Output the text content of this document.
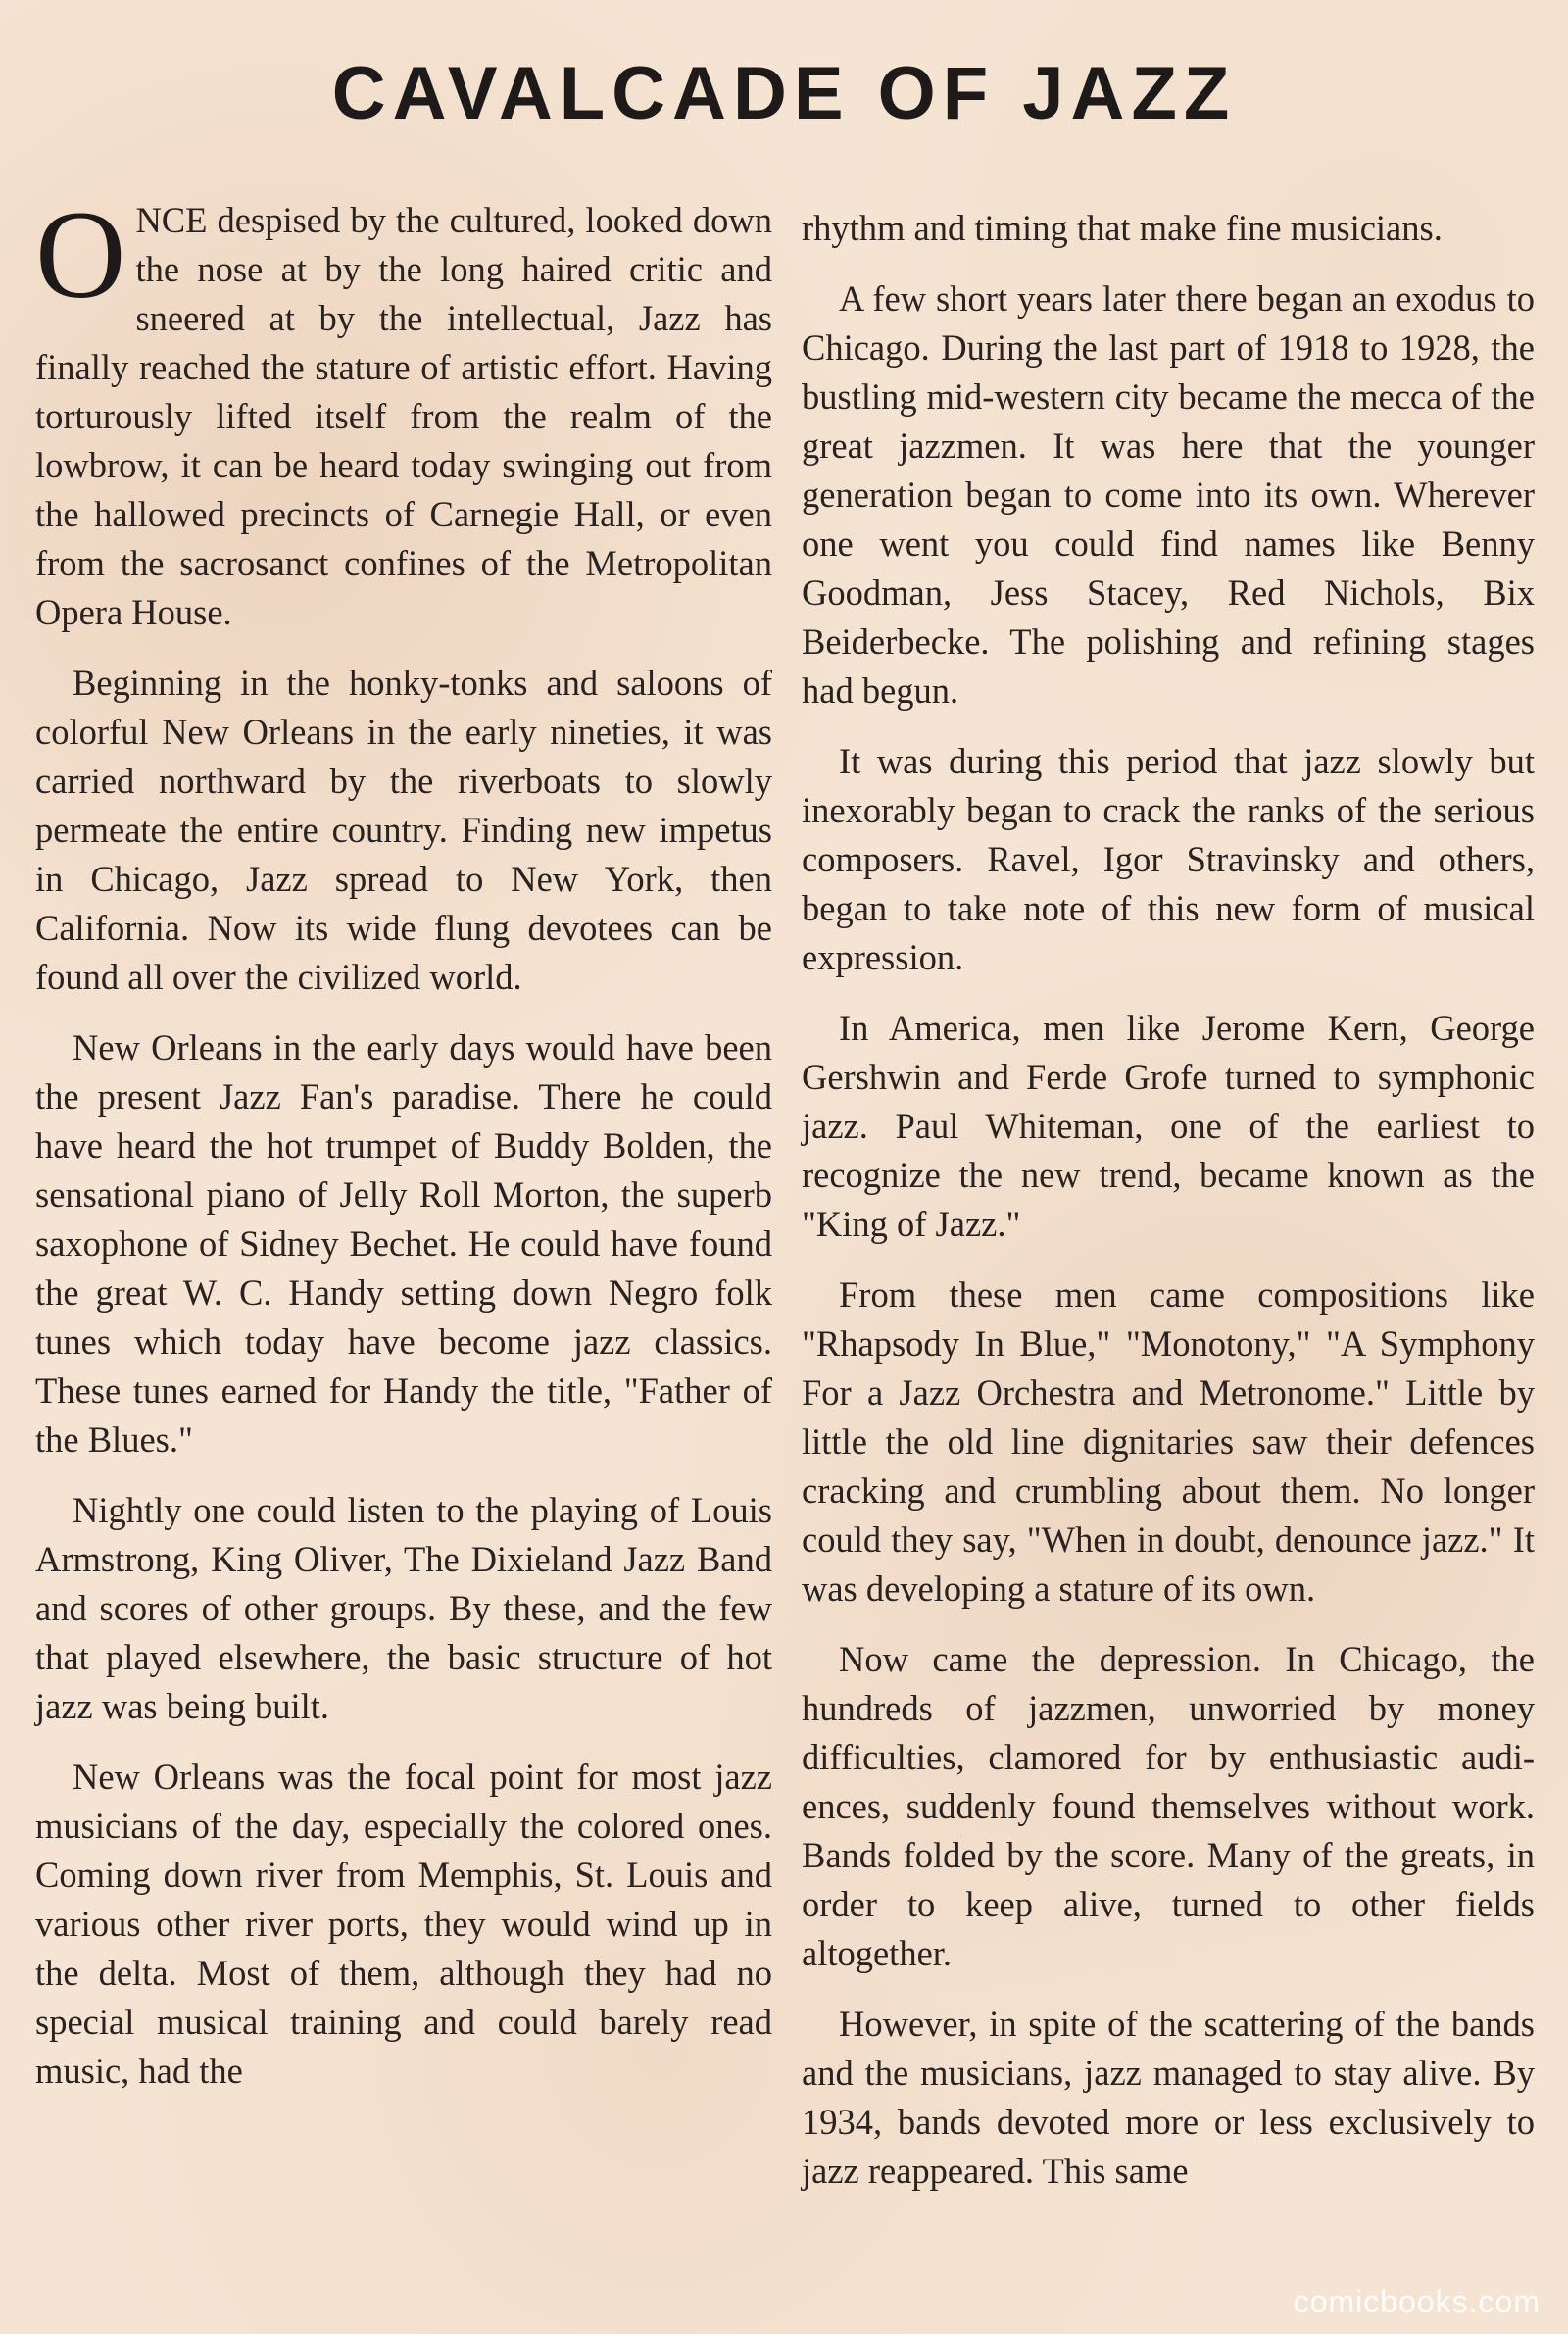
CAVALCADE OF JAZZ

ONCE despised by the cultured, looked down the nose at by the long haired critic and sneered at by the intellectual, Jazz has finally reached the stature of artistic effort. Having torturously lifted itself from the realm of the lowbrow, it can be heard today swinging out from the hallowed precincts of Carnegie Hall, or even from the sacrosanct confines of the Metropolitan Opera House.

Beginning in the honky-tonks and saloons of colorful New Orleans in the early nineties, it was carried northward by the riverboats to slowly permeate the entire country. Finding new impetus in Chicago, Jazz spread to New York, then California. Now its wide flung devotees can be found all over the civilized world.

New Orleans in the early days would have been the present Jazz Fan's paradise. There he could have heard the hot trumpet of Buddy Bolden, the sensational piano of Jelly Roll Morton, the superb saxophone of Sidney Bechet. He could have found the great W. C. Handy setting down Negro folk tunes which today have become jazz classics. These tunes earned for Handy the title, "Father of the Blues."

Nightly one could listen to the playing of Louis Armstrong, King Oliver, The Dixieland Jazz Band and scores of other groups. By these, and the few that played elsewhere, the basic structure of hot jazz was being built.

New Orleans was the focal point for most jazz musicians of the day, especially the colored ones. Coming down river from Memphis, St. Louis and various other river ports, they would wind up in the delta. Most of them, although they had no special musical training and could barely read music, had the

rhythm and timing that make fine musicians.

A few short years later there began an exodus to Chicago. During the last part of 1918 to 1928, the bustling mid-western city became the mecca of the great jazzmen. It was here that the younger generation began to come into its own. Wherever one went you could find names like Benny Goodman, Jess Stacey, Red Nichols, Bix Beiderbecke. The polishing and refining stages had begun.

It was during this period that jazz slowly but inexorably began to crack the ranks of the serious composers. Ravel, Igor Stravinsky and others, began to take note of this new form of musical expression.

In America, men like Jerome Kern, George Gershwin and Ferde Grofe turned to symphonic jazz. Paul Whiteman, one of the earliest to recognize the new trend, became known as the "King of Jazz."

From these men came compositions like "Rhapsody In Blue," "Monotony," "A Symphony For a Jazz Orchestra and Metronome." Little by little the old line dignitaries saw their defences cracking and crumbling about them. No longer could they say, "When in doubt, denounce jazz." It was developing a stature of its own.

Now came the depression. In Chicago, the hundreds of jazzmen, unworried by money difficulties, clamored for by enthusiastic audiences, suddenly found themselves without work. Bands folded by the score. Many of the greats, in order to keep alive, turned to other fields altogether.

However, in spite of the scattering of the bands and the musicians, jazz managed to stay alive. By 1934, bands devoted more or less exclusively to jazz reappeared. This same

comicbooks.com
